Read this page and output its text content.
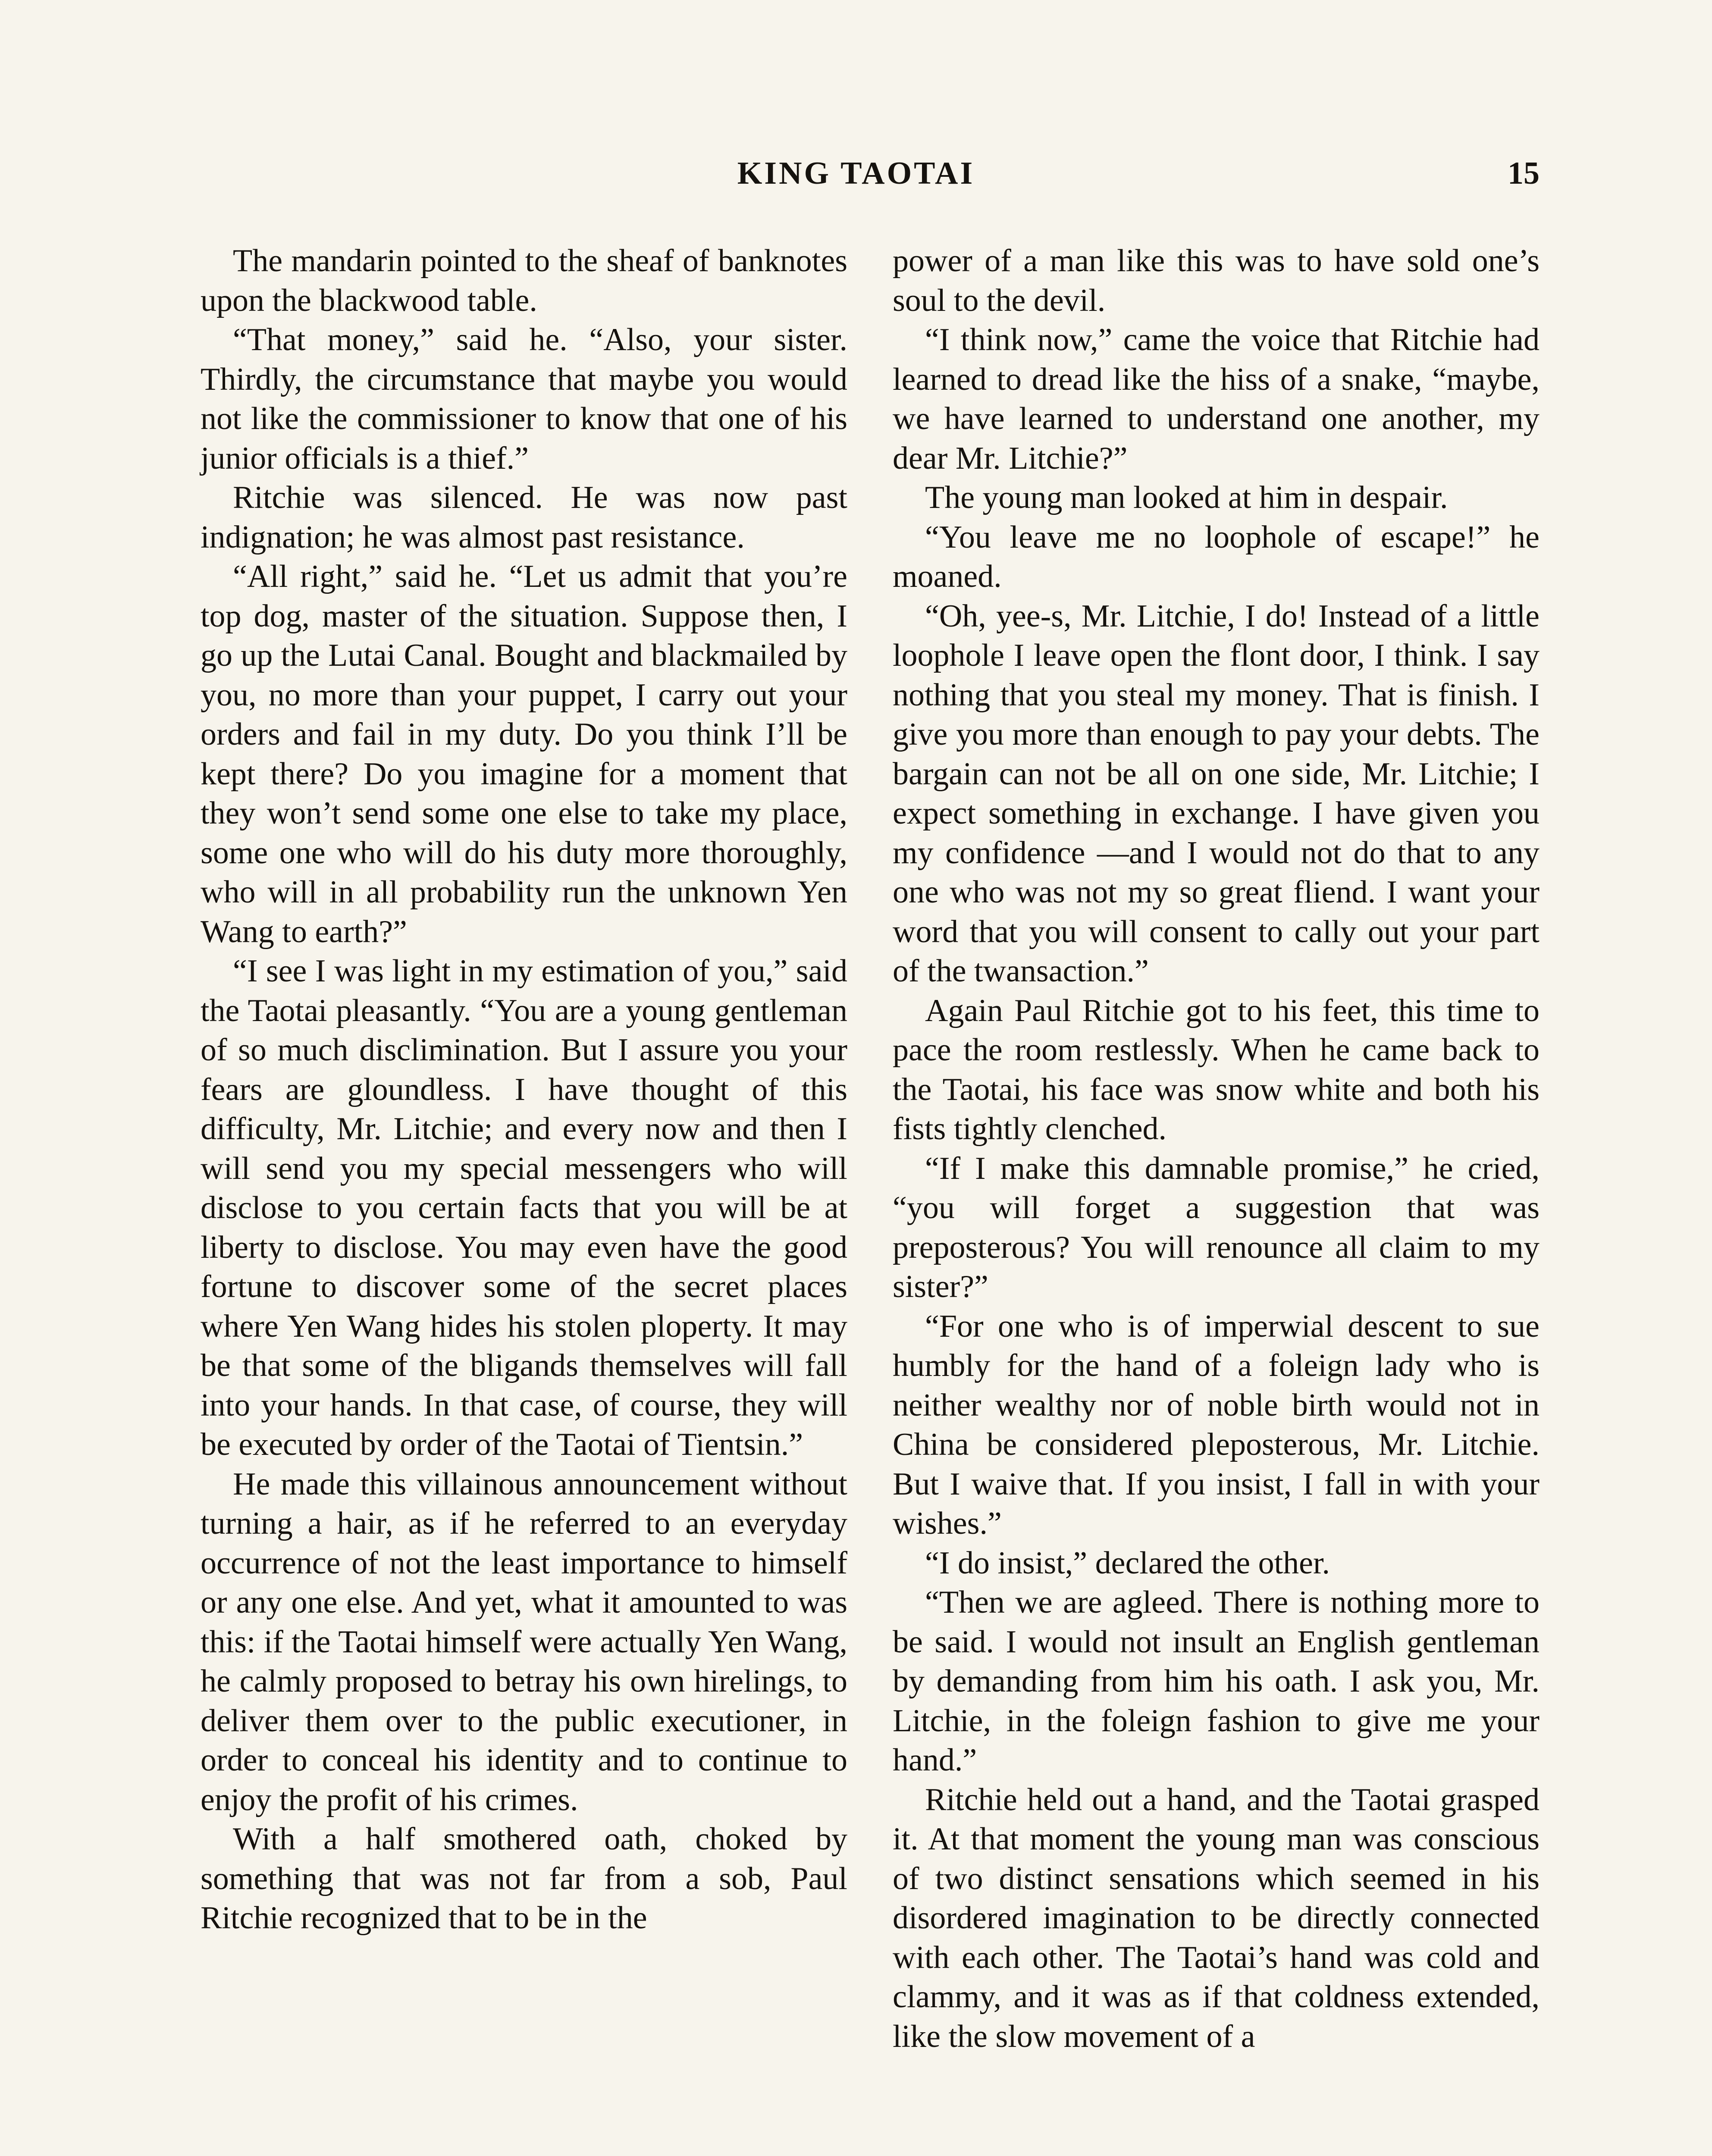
KING TAOTAI	15

The mandarin pointed to the sheaf of banknotes upon the blackwood table.

“That money,” said he. “Also, your sister. Thirdly, the circumstance that maybe you would not like the commissioner to know that one of his junior officials is a thief.”

Ritchie was silenced. He was now past indignation; he was almost past resistance.

“All right,” said he. “Let us admit that you’re top dog, master of the situation. Suppose then, I go up the Lutai Canal. Bought and blackmailed by you, no more than your puppet, I carry out your orders and fail in my duty. Do you think I’ll be kept there? Do you imagine for a moment that they won’t send some one else to take my place, some one who will do his duty more thoroughly, who will in all probability run the unknown Yen Wang to earth?”

“I see I was light in my estimation of you,” said the Taotai pleasantly. “You are a young gentleman of so much disclimination. But I assure you your fears are gloundless. I have thought of this difficulty, Mr. Litchie; and every now and then I will send you my special messengers who will disclose to you certain facts that you will be at liberty to disclose. You may even have the good fortune to discover some of the secret places where Yen Wang hides his stolen ploperty. It may be that some of the bligands themselves will fall into your hands. In that case, of course, they will be executed by order of the Taotai of Tientsin.”

He made this villainous announcement without turning a hair, as if he referred to an everyday occurrence of not the least importance to himself or any one else. And yet, what it amounted to was this: if the Taotai himself were actually Yen Wang, he calmly proposed to betray his own hirelings, to deliver them over to the public executioner, in order to conceal his identity and to continue to enjoy the profit of his crimes.

With a half smothered oath, choked by something that was not far from a sob, Paul Ritchie recognized that to be in the

power of a man like this was to have sold one’s soul to the devil.

“I think now,” came the voice that Ritchie had learned to dread like the hiss of a snake, “maybe, we have learned to understand one another, my dear Mr. Litchie?”

The young man looked at him in despair.

“You leave me no loophole of escape!” he moaned.

“Oh, yee-s, Mr. Litchie, I do! Instead of a little loophole I leave open the flont door, I think. I say nothing that you steal my money. That is finish. I give you more than enough to pay your debts. The bargain can not be all on one side, Mr. Litchie; I expect something in exchange. I have given you my confidence —and I would not do that to any one who was not my so great fliend. I want your word that you will consent to cally out your part of the twansaction.”

Again Paul Ritchie got to his feet, this time to pace the room restlessly. When he came back to the Taotai, his face was snow white and both his fists tightly clenched.

“If I make this damnable promise,” he cried, “you will forget a suggestion that was preposterous? You will renounce all claim to my sister?”

“For one who is of imperwial descent to sue humbly for the hand of a foleign lady who is neither wealthy nor of noble birth would not in China be considered pleposterous, Mr. Litchie. But I waive that. If you insist, I fall in with your wishes.”

“I do insist,” declared the other.

“Then we are agleed. There is nothing more to be said. I would not insult an English gentleman by demanding from him his oath. I ask you, Mr. Litchie, in the foleign fashion to give me your hand.”

Ritchie held out a hand, and the Taotai grasped it. At that moment the young man was conscious of two distinct sensations which seemed in his disordered imagination to be directly connected with each other. The Taotai’s hand was cold and clammy, and it was as if that coldness extended, like the slow movement of a
